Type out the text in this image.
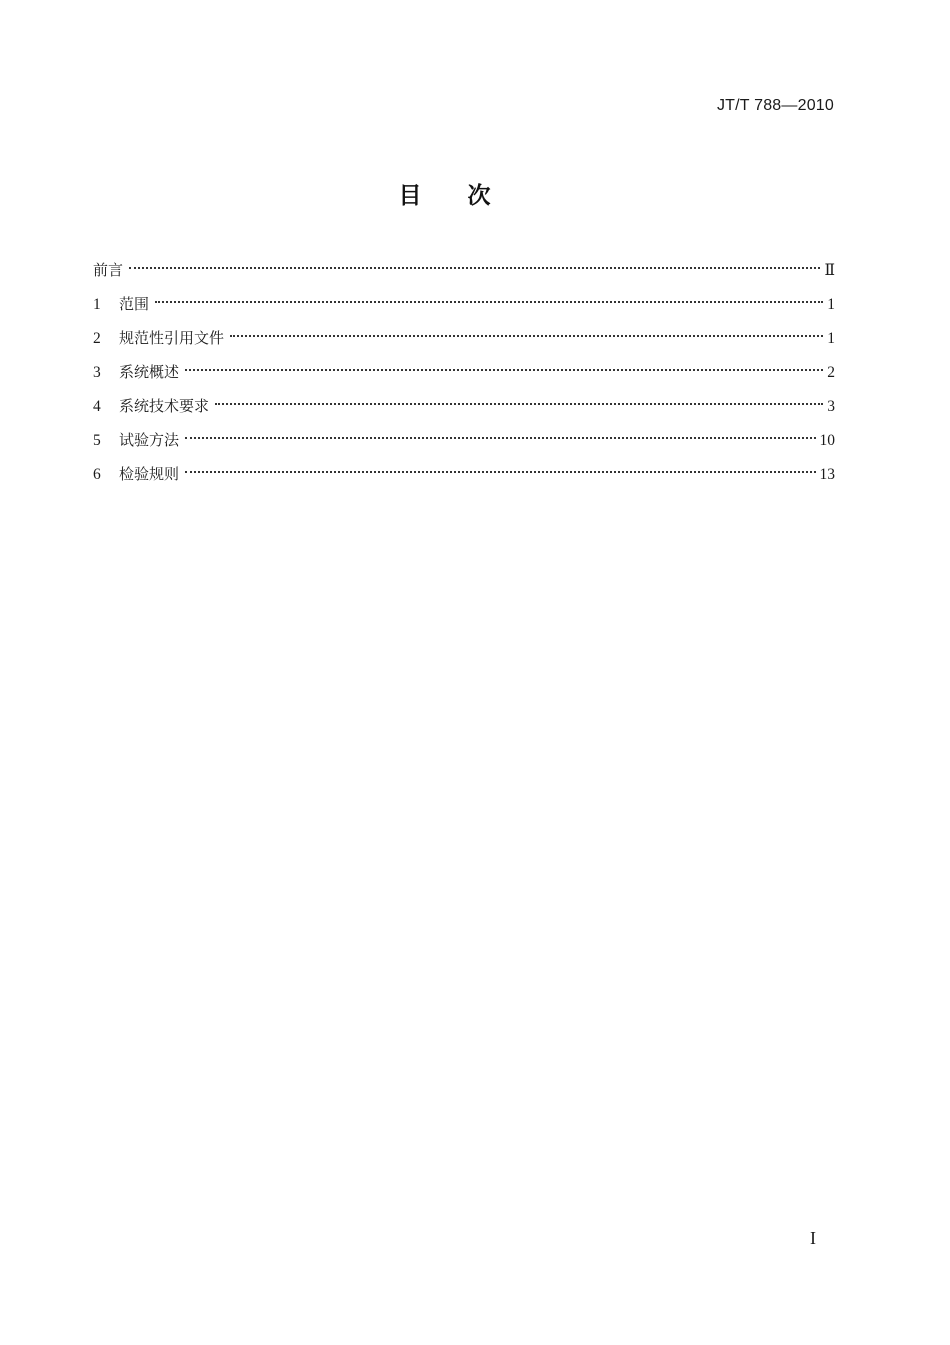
JT/T 788—2010
目次
前言	Ⅱ
1	范围	1
2	规范性引用文件	1
3	系统概述	2
4	系统技术要求	3
5	试验方法	10
6	检验规则	13
I
